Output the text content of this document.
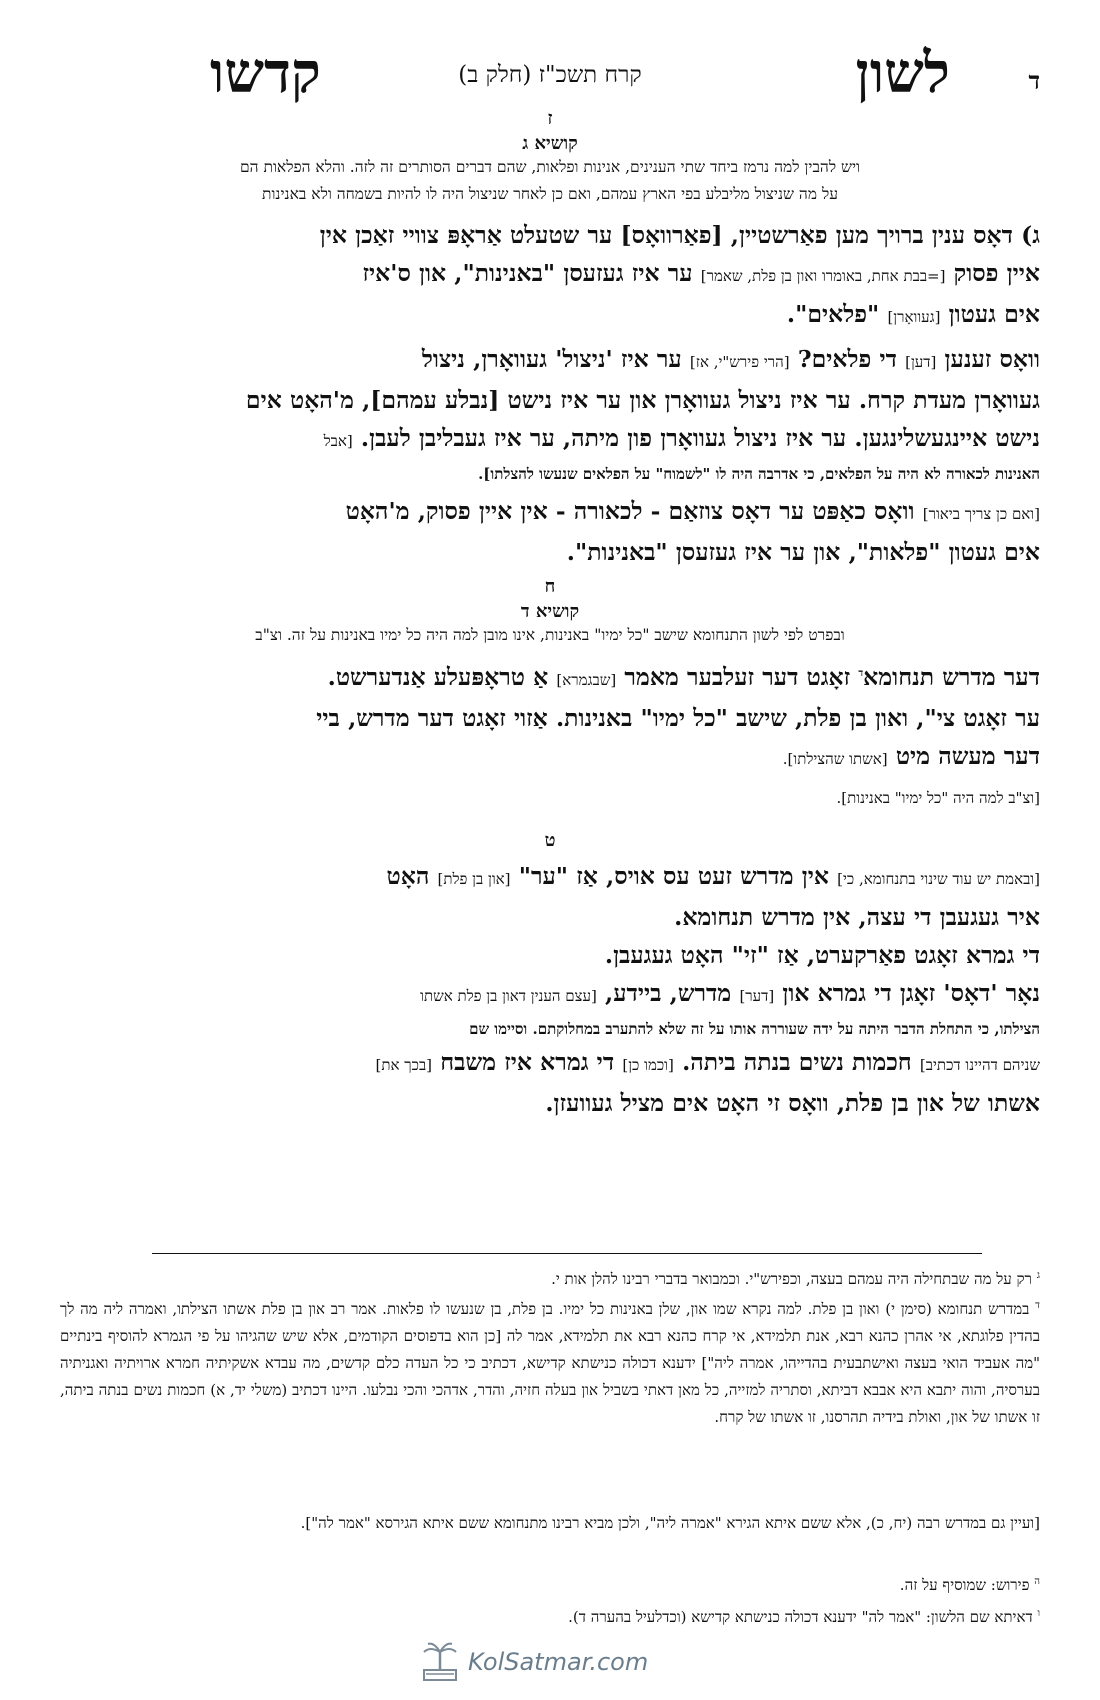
ד
לשון
קרח תשכ"ז (חלק ב)
קדשו
ז
קושיא ג
ויש להבין למה נרמז ביחד שתי הענינים, אנינות ופלאות, שהם דברים הסותרים זה לזה. והלא הפלאות הם
על מה שניצול מליבלע בפי הארץ עמהם, ואם כן לאחר שניצול היה לו להיות בשמחה ולא באנינות
ג) דאָס ענין ברויך מען פאַרשטיין, [פאַרוואָס] ער שטעלט אַראָפּ צוויי זאַכן אין
איין פסוק [=בבת אחת, באומרו ואון בן פלת, שאמר] ער איז געזעסן "באנינות", און ס'איז
אים געטון [געוואָרן] "פלאים".
וואָס זענען [דען] די פלאים? [הרי פירש"י, אז] ער איז 'ניצול' געוואָרן, ניצול
געוואָרן מעדת קרח. ער איז ניצול געוואָרן און ער איז נישט [נבלע עמהם], מ'האָט אים
נישט איינגעשלינגען. ער איז ניצול געוואָרן פון מיתה, ער איז געבליבן לעבן. [אבל
האנינות לכאורה לא היה על הפלאים, כי אדרבה היה לו "לשמוח" על הפלאים שנעשו להצלתו].
[ואם כן צריך ביאור] וואָס כאַפּט ער דאָס צוזאַם - לכאורה - אין איין פסוק, מ'האָט
אים געטון "פלאות", און ער איז געזעסן "באנינות".
ח
קושיא ד
ובפרט לפי לשון התנחומא שישב "כל ימיו" באנינות, אינו מובן למה היה כל ימיו באנינות על זה. וצ"ב
דער מדרש תנחומא$^ד$ זאָגט דער זעלבער מאמר [שבגמרא] אַ טראָפּעלע אַנדערשט.
ער זאָגט צי", ואון בן פלת, שישב "כל ימיו" באנינות. אַזוי זאָגט דער מדרש, ביי
דער מעשה מיט [אשתו שהצילתו].
[וצ"ב למה היה "כל ימיו" באנינות].
ט
[ובאמת יש עוד שינוי בתנחומא, כי] אין מדרש זעט עס אויס, אַז "ער" [און בן פלת] האָט
איר געגעבן די עצה, אין מדרש תנחומא.
די גמרא זאָגט פאַרקערט, אַז "זי" האָט געגעבן.
נאָר 'דאָס' זאָגן די גמרא און [דער] מדרש, ביידע, [עצם הענין דאון בן פלת אשתו
הצילתו, כי התחלת הדבר היתה על ידה שעוררה אותו על זה שלא להתערב במחלוקתם. וסיימו שם
שניהם דהיינו דכתיב] חכמות נשים בנתה ביתה. [וכמו כן] די גמרא איז משבח [בכך את]
אשתו של און בן פלת, וואָס זי האָט אים מציל געוועזן.

$^ג$ רק על מה שבתחילה היה עמהם בעצה, וכפירש"י. וכמבואר בדברי רבינו להלן אות י.

$^ד$ במדרש תנחומא (סימן י) ואון בן פלת. למה נקרא שמו און, שלן באנינות כל ימיו. בן פלת, בן שנעשו לו פלאות. אמר רב און בן פלת אשתו הצילתו, ואמרה ליה מה לך בהדין פלוגתא, אי אהרן כהנא רבא, אנת תלמידא, אי קרח כהנא רבא את תלמידא, אמר לה [כן הוא בדפוסים הקודמים, אלא שיש שהגיהו על פי הגמרא להוסיף בינתיים "מה אעביד הואי בעצה ואישתבעית בהדייהו, אמרה ליה"] ידענא דכולה כנישתא קדישא, דכתיב כי כל העדה כלם קדשים, מה עבדא אשקיתיה חמרא ארויתיה ואגניתיה בערסיה, והוה יתבא היא אבבא דביתא, וסתריה למזייה, כל מאן דאתי בשביל און בעלה חזיה, והדר, אדהכי והכי נבלעו. היינו דכתיב (משלי יד, א) חכמות נשים בנתה ביתה, זו אשתו של און, ואולת בידיה תהרסנו, זו אשתו של קרח.

[ועיין גם במדרש רבה (יח, כ), אלא ששם איתא הגירא "אמרה ליה", ולכן מביא רבינו מתנחומא ששם איתא הגירסא "אמר לה"].

$^ה$ פירוש: שמוסיף על זה.

$^ו$ דאיתא שם הלשון: "אמר לה" ידענא דכולה כנישתא קדישא (וכדלעיל בהערה ד).

KolSatmar.com
